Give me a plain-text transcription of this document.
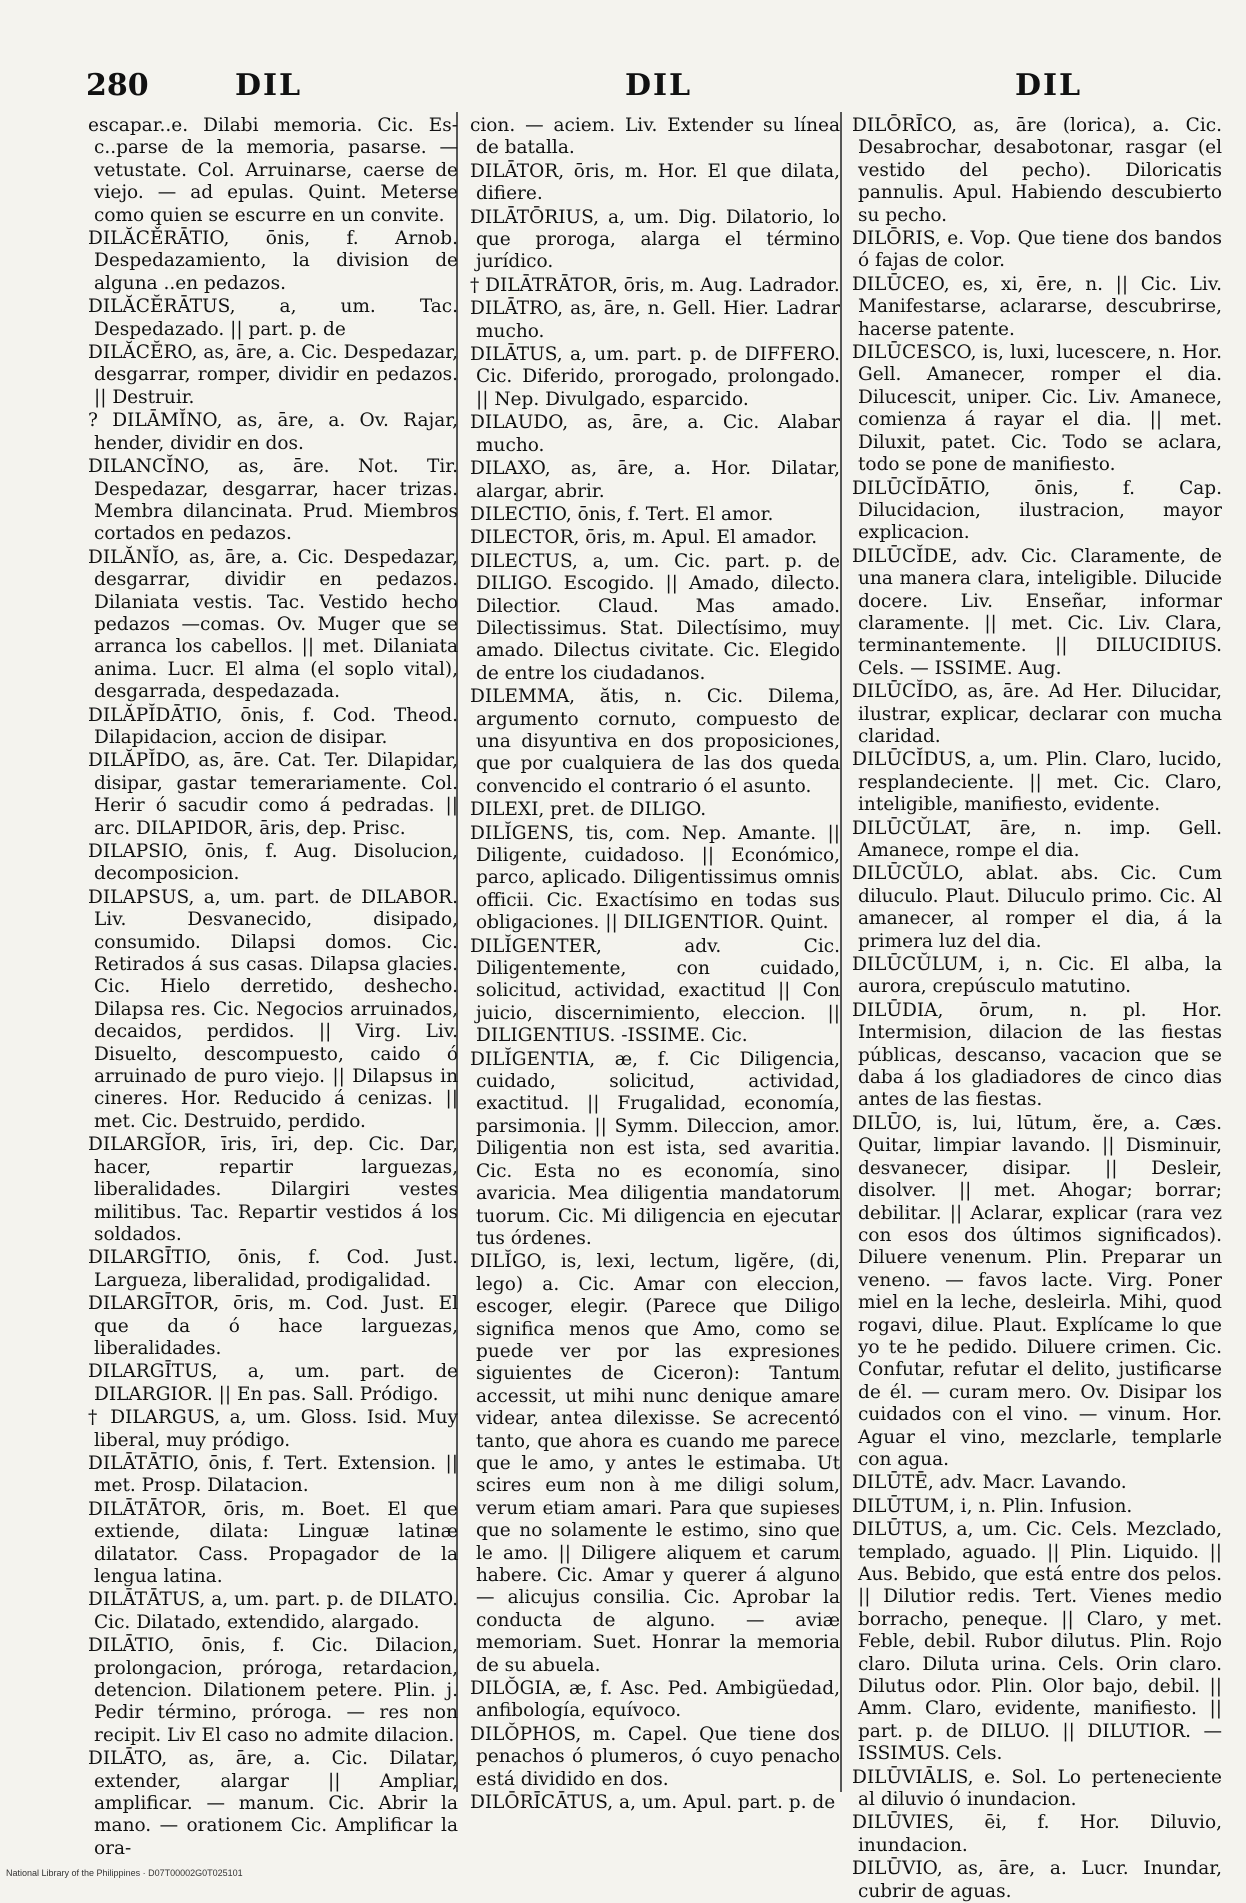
280	DIL	DIL	DIL

escapar..e. Dilabi memoria. Cic. Es- c..parse de la memoria, pasarse. — vetustate. Col. Arruinarse, caerse de viejo. — ad epulas. Quint. Meterse como quien se escurre en un convite.

DILĂCĚRĀTIO, ōnis, f. Arnob. Despedazamiento, la division de alguna ..en pedazos.

DILĂCĔRĀTUS, a, um. Tac. Despedazado. || part. p. de

DILĂCĔRO, as, āre, a. Cic. Despedazar, desgarrar, romper, dividir en pedazos. || Destruir.

? DILĀMĬNO, as, āre, a. Ov. Rajar, hender, dividir en dos.

DILANCĬNO, as, āre. Not. Tir. Despedazar, desgarrar, hacer trizas. Membra dilancinata. Prud. Miembros cortados en pedazos.

DILĂNĬO, as, āre, a. Cic. Despedazar, desgarrar, dividir en pedazos. Dilaniata vestis. Tac. Vestido hecho pedazos —comas. Ov. Muger que se arranca los cabellos. || met. Dilaniata anima. Lucr. El alma (el soplo vital), desgarrada, despedazada.

DILĂPĬDĀTIO, ōnis, f. Cod. Theod. Dilapidacion, accion de disipar.

DILĂPĬDO, as, āre. Cat. Ter. Dilapidar, disipar, gastar temerariamente. Col. Herir ó sacudir como á pedradas. || arc. DILAPIDOR, āris, dep. Prisc.

DILAPSIO, ōnis, f. Aug. Disolucion, decomposicion.

DILAPSUS, a, um. part. de DILABOR. Liv. Desvanecido, disipado, consumido. Dilapsi domos. Cic. Retirados á sus casas. Dilapsa glacies. Cic. Hielo derretido, deshecho. Dilapsa res. Cic. Negocios arruinados, decaidos, perdidos. || Virg. Liv. Disuelto, descompuesto, caido ó arruinado de puro viejo. || Dilapsus in cineres. Hor. Reducido á cenizas. || met. Cic. Destruido, perdido.

DILARGĬOR, īris, īri, dep. Cic. Dar, hacer, repartir larguezas, liberalidades. Dilargiri vestes militibus. Tac. Repartir vestidos á los soldados.

DILARGĪTIO, ōnis, f. Cod. Just. Largueza, liberalidad, prodigalidad.

DILARGĪTOR, ōris, m. Cod. Just. El que da ó hace larguezas, liberalidades.

DILARGĪTUS, a, um. part. de DILARGIOR. || En pas. Sall. Pródigo.

† DILARGUS, a, um. Gloss. Isid. Muy liberal, muy pródigo.

DILĀTĀTIO, ōnis, f. Tert. Extension. || met. Prosp. Dilatacion.

DILĀTĀTOR, ōris, m. Boet. El que extiende, dilata: Linguæ latinæ dilatator. Cass. Propagador de la lengua latina.

DILĀTĀTUS, a, um. part. p. de DILATO. Cic. Dilatado, extendido, alargado.

DILĀTIO, ōnis, f. Cic. Dilacion, prolongacion, próroga, retardacion, detencion. Dilationem petere. Plin. j. Pedir término, próroga. — res non recipit. Liv El caso no admite dilacion.

DILĀTO, as, āre, a. Cic. Dilatar, extender, alargar || Ampliar, amplificar. — manum. Cic. Abrir la mano. — orationem Cic. Amplificar la ora-

cion. — aciem. Liv. Extender su línea de batalla.

DILĀTOR, ōris, m. Hor. El que dilata, difiere.

DILĀTŌRIUS, a, um. Dig. Dilatorio, lo que proroga, alarga el término jurídico.

† DILĀTRĀTOR, ōris, m. Aug. Ladrador.

DILĀTRO, as, āre, n. Gell. Hier. Ladrar mucho.

DILĀTUS, a, um. part. p. de DIFFERO. Cic. Diferido, prorogado, prolongado. || Nep. Divulgado, esparcido.

DILAUDO, as, āre, a. Cic. Alabar mucho.

DILAXO, as, āre, a. Hor. Dilatar, alargar, abrir.

DILECTIO, ōnis, f. Tert. El amor.

DILECTOR, ōris, m. Apul. El amador.

DILECTUS, a, um. Cic. part. p. de DILIGO. Escogido. || Amado, dilecto. Dilectior. Claud. Mas amado. Dilectissimus. Stat. Dilectísimo, muy amado. Dilectus civitate. Cic. Elegido de entre los ciudadanos.

DILEMMA, ătis, n. Cic. Dilema, argumento cornuto, compuesto de una disyuntiva en dos proposiciones, que por cualquiera de las dos queda convencido el contrario ó el asunto.

DILEXI, pret. de DILIGO.

DILĬGENS, tis, com. Nep. Amante. || Diligente, cuidadoso. || Económico, parco, aplicado. Diligentissimus omnis officii. Cic. Exactísimo en todas sus obligaciones. || DILIGENTIOR. Quint.

DILĬGENTER, adv. Cic. Diligentemente, con cuidado, solicitud, actividad, exactitud || Con juicio, discernimiento, eleccion. || DILIGENTIUS. -ISSIME. Cic.

DILĬGENTIA, æ, f. Cic Diligencia, cuidado, solicitud, actividad, exactitud. || Frugalidad, economía, parsimonia. || Symm. Dileccion, amor. Diligentia non est ista, sed avaritia. Cic. Esta no es economía, sino avaricia. Mea diligentia mandatorum tuorum. Cic. Mi diligencia en ejecutar tus órdenes.

DILĬGO, is, lexi, lectum, ligĕre, (di, lego) a. Cic. Amar con eleccion, escoger, elegir. (Parece que Diligo significa menos que Amo, como se puede ver por las expresiones siguientes de Ciceron): Tantum accessit, ut mihi nunc denique amare videar, antea dilexisse. Se acrecentó tanto, que ahora es cuando me parece que le amo, y antes le estimaba. Ut scires eum non à me diligi solum, verum etiam amari. Para que supieses que no solamente le estimo, sino que le amo. || Diligere aliquem et carum habere. Cic. Amar y querer á alguno — alicujus consilia. Cic. Aprobar la conducta de alguno. — aviæ memoriam. Suet. Honrar la memoria de su abuela.

DILŎGIA, æ, f. Asc. Ped. Ambigüedad, anfibología, equívoco.

DILŎPHOS, m. Capel. Que tiene dos penachos ó plumeros, ó cuyo penacho está dividido en dos.

DILŌRĪCĀTUS, a, um. Apul. part. p. de

DILŌRĪCO, as, āre (lorica), a. Cic. Desabrochar, desabotonar, rasgar (el vestido del pecho). Diloricatis pannulis. Apul. Habiendo descubierto su pecho.

DILŌRIS, e. Vop. Que tiene dos bandos ó fajas de color.

DILŪCEO, es, xi, ēre, n. || Cic. Liv. Manifestarse, aclararse, descubrirse, hacerse patente.

DILŪCESCO, is, luxi, lucescere, n. Hor. Gell. Amanecer, romper el dia. Dilucescit, uniper. Cic. Liv. Amanece, comienza á rayar el dia. || met. Diluxit, patet. Cic. Todo se aclara, todo se pone de manifiesto.

DILŪCĬDĀTIO, ōnis, f. Cap. Dilucidacion, ilustracion, mayor explicacion.

DILŪCĬDE, adv. Cic. Claramente, de una manera clara, inteligible. Dilucide docere. Liv. Enseñar, informar claramente. || met. Cic. Liv. Clara, terminantemente. || DILUCIDIUS. Cels. — ISSIME. Aug.

DILŪCĬDO, as, āre. Ad Her. Dilucidar, ilustrar, explicar, declarar con mucha claridad.

DILŪCĬDUS, a, um. Plin. Claro, lucido, resplandeciente. || met. Cic. Claro, inteligible, manifiesto, evidente.

DILŪCŬLAT, āre, n. imp. Gell. Amanece, rompe el dia.

DILŪCŬLO, ablat. abs. Cic. Cum diluculo. Plaut. Diluculo primo. Cic. Al amanecer, al romper el dia, á la primera luz del dia.

DILŪCŬLUM, i, n. Cic. El alba, la aurora, crepúsculo matutino.

DILŪDIA, ōrum, n. pl. Hor. Intermision, dilacion de las fiestas públicas, descanso, vacacion que se daba á los gladiadores de cinco dias antes de las fiestas.

DILŪO, is, lui, lūtum, ĕre, a. Cæs. Quitar, limpiar lavando. || Disminuir, desvanecer, disipar. || Desleir, disolver. || met. Ahogar; borrar; debilitar. || Aclarar, explicar (rara vez con esos dos últimos significados). Diluere venenum. Plin. Preparar un veneno. — favos lacte. Virg. Poner miel en la leche, desleirla. Mihi, quod rogavi, dilue. Plaut. Explícame lo que yo te he pedido. Diluere crimen. Cic. Confutar, refutar el delito, justificarse de él. — curam mero. Ov. Disipar los cuidados con el vino. — vinum. Hor. Aguar el vino, mezclarle, templarle con agua.

DILŪTĒ, adv. Macr. Lavando.

DILŪTUM, i, n. Plin. Infusion.

DILŪTUS, a, um. Cic. Cels. Mezclado, templado, aguado. || Plin. Liquido. || Aus. Bebido, que está entre dos pelos. || Dilutior redis. Tert. Vienes medio borracho, peneque. || Claro, y met. Feble, debil. Rubor dilutus. Plin. Rojo claro. Diluta urina. Cels. Orin claro. Dilutus odor. Plin. Olor bajo, debil. || Amm. Claro, evidente, manifiesto. || part. p. de DILUO. || DILUTIOR. — ISSIMUS. Cels.

DILŪVIĀLIS, e. Sol. Lo perteneciente al diluvio ó inundacion.

DILŪVIES, ēi, f. Hor. Diluvio, inundacion.

DILŪVIO, as, āre, a. Lucr. Inundar, cubrir de aguas.

National Library of the Philippines · D07T00002G0T025101
